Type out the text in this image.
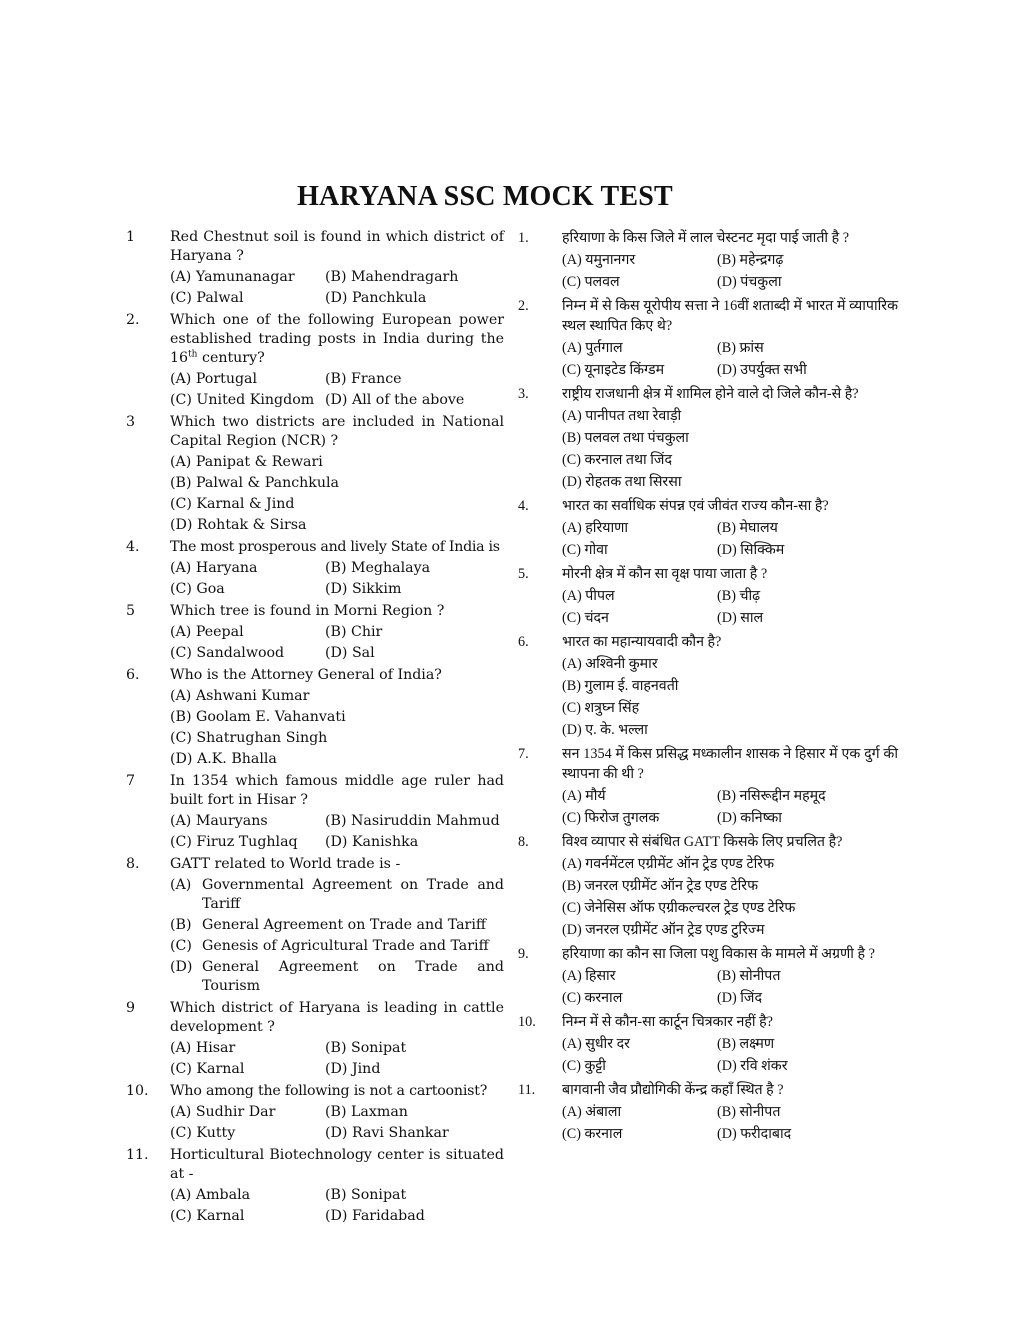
HARYANA SSC MOCK TEST
1	Red Chestnut soil is found in which district of Haryana ?
(A) Yamunanagar	(B) Mahendragarh
(C) Palwal	(D) Panchkula
2.	Which one of the following European power established trading posts in India during the 16th century?
(A) Portugal	(B) France
(C) United Kingdom (D) All of the above
3	Which two districts are included in National Capital Region (NCR) ?
(A) Panipat & Rewari
(B) Palwal & Panchkula
(C) Karnal & Jind
(D) Rohtak & Sirsa
4.	The most prosperous and lively State of India is
(A) Haryana	(B) Meghalaya
(C) Goa	(D) Sikkim
5	Which tree is found in Morni Region ?
(A) Peepal	(B) Chir
(C) Sandalwood	(D) Sal
6.	Who is the Attorney General of India?
(A) Ashwani Kumar
(B) Goolam E. Vahanvati
(C) Shatrughan Singh
(D) A.K. Bhalla
7	In 1354 which famous middle age ruler had built fort in Hisar ?
(A) Mauryans	(B) Nasiruddin Mahmud
(C) Firuz Tughlaq	(D) Kanishka
8.	GATT related to World trade is -
(A) Governmental Agreement on Trade and Tariff
(B) General Agreement on Trade and Tariff
(C) Genesis of Agricultural Trade and Tariff
(D) General Agreement on Trade and Tourism
9	Which district of Haryana is leading in cattle development ?
(A) Hisar	(B) Sonipat
(C) Karnal	(D) Jind
10.	Who among the following is not a cartoonist?
(A) Sudhir Dar	(B) Laxman
(C) Kutty	(D) Ravi Shankar
11.	Horticultural Biotechnology center is situated at -
(A) Ambala	(B) Sonipat
(C) Karnal	(D) Faridabad
1.	हरियाणा के किस जिले में लाल चेस्टनट मृदा पाई जाती है ?
(A) यमुनानगर	(B) महेन्द्रगढ़
(C) पलवल	(D) पंचकुला
2.	निम्न में से किस यूरोपीय सत्ता ने 16वीं शताब्दी में भारत में व्यापारिक स्थल स्थापित किए थे?
(A) पुर्तगाल	(B) फ्रांस
(C) यूनाइटेड किंग्डम	(D) उपर्युक्त सभी
3.	राष्ट्रीय राजधानी क्षेत्र में शामिल होने वाले दो जिले कौन-से है?
(A) पानीपत तथा रेवाड़ी
(B) पलवल तथा पंचकुला
(C) करनाल तथा जिंद
(D) रोहतक तथा सिरसा
4.	भारत का सर्वाधिक संपन्न एवं जीवंत राज्य कौन-सा है?
(A) हरियाणा	(B) मेघालय
(C) गोवा	(D) सिक्किम
5.	मोरनी क्षेत्र में कौन सा वृक्ष पाया जाता है ?
(A) पीपल	(B) चीढ़
(C) चंदन	(D) साल
6.	भारत का महान्यायवादी कौन है?
(A) अश्विनी कुमार
(B) गुलाम ई. वाहनवती
(C) शत्रुघ्न सिंह
(D) ए. के. भल्ला
7.	सन 1354 में किस प्रसिद्ध मध्कालीन शासक ने हिसार में एक दुर्ग की स्थापना की थी ?
(A) मौर्य	(B) नसिरूद्दीन महमूद
(C) फिरोज तुगलक	(D) कनिष्का
8.	विश्व व्यापार से संबंधित GATT किसके लिए प्रचलित है?
(A) गवर्नमेंटल एग्रीमेंट ऑन ट्रेड एण्ड टेरिफ
(B) जनरल एग्रीमेंट ऑन ट्रेड एण्ड टेरिफ
(C) जेनेसिस ऑफ एग्रीकल्चरल ट्रेड एण्ड टेरिफ
(D) जनरल एग्रीमेंट ऑन ट्रेड एण्ड टुरिज्म
9.	हरियाणा का कौन सा जिला पशु विकास के मामले में अग्रणी है ?
(A) हिसार	(B) सोनीपत
(C) करनाल	(D) जिंद
10.	निम्न में से कौन-सा कार्टून चित्रकार नहीं है?
(A) सुधीर दर	(B) लक्ष्मण
(C) कुट्टी	(D) रवि शंकर
11.	बागवानी जैव प्रौद्योगिकी केंन्द्र कहाँ स्थित है ?
(A) अंबाला	(B) सोनीपत
(C) करनाल	(D) फरीदाबाद
